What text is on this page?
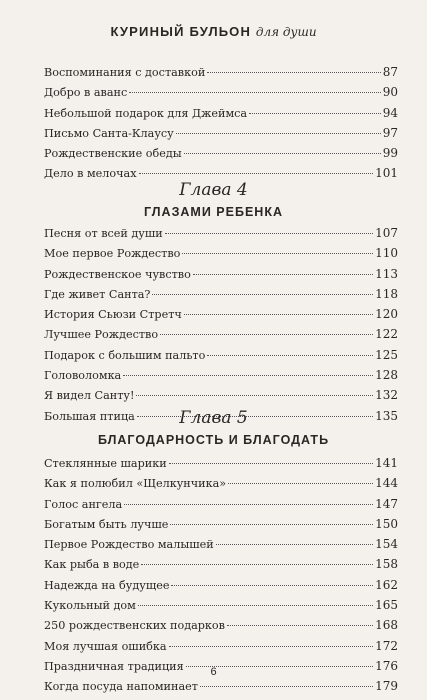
КУРИНЫЙ БУЛЬОН для души
Воспоминания с доставкой	87
Добро в аванс	90
Небольшой подарок для Джеймса	94
Письмо Санта-Клаусу	97
Рождественские обеды	99
Дело в мелочах	101
Глава 4
ГЛАЗАМИ РЕБЕНКА
Песня от всей души	107
Мое первое Рождество	110
Рождественское чувство	113
Где живет Санта?	118
История Сьюзи Стретч	120
Лучшее Рождество	122
Подарок с большим пальто	125
Головоломка	128
Я видел Санту!	132
Большая птица	135
Глава 5
БЛАГОДАРНОСТЬ И БЛАГОДАТЬ
Стеклянные шарики	141
Как я полюбил «Щелкунчика»	144
Голос ангела	147
Богатым быть лучше	150
Первое Рождество малышей	154
Как рыба в воде	158
Надежда на будущее	162
Кукольный дом	165
250 рождественских подарков	168
Моя лучшая ошибка	172
Праздничная традиция	176
Когда посуда напоминает	179
6
